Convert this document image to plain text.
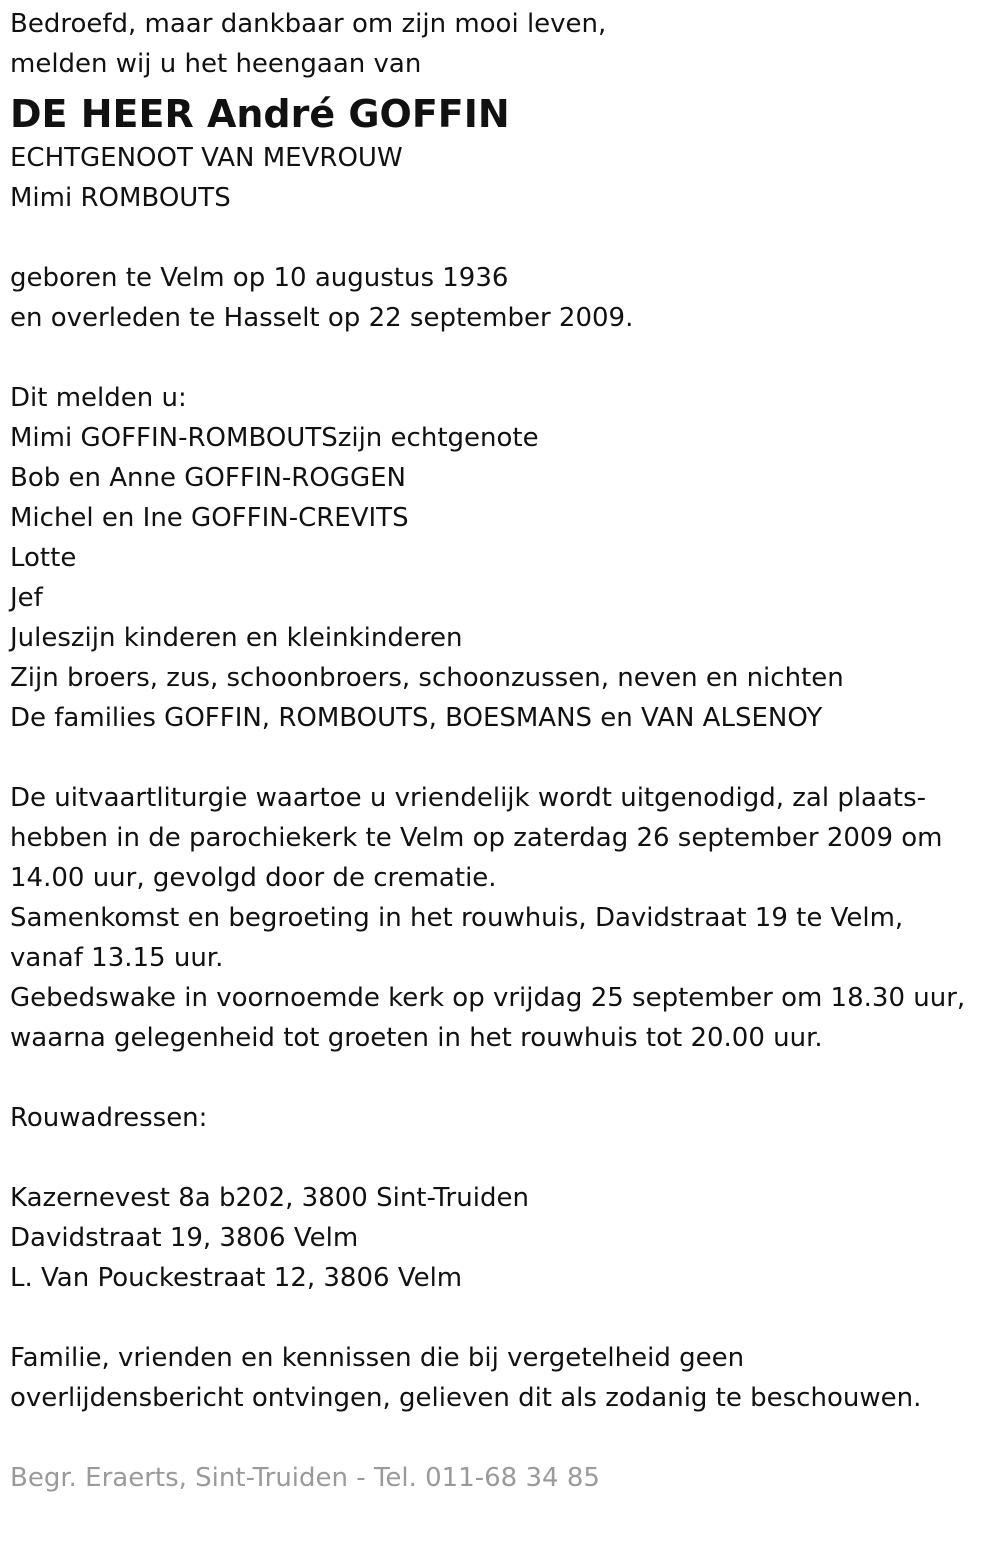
Bedroefd, maar dankbaar om zijn mooi leven,
melden wij u het heengaan van
DE HEER André GOFFIN
ECHTGENOOT VAN MEVROUW
Mimi ROMBOUTS
geboren te Velm op 10 augustus 1936
en overleden te Hasselt op 22 september 2009.
Dit melden u:
Mimi GOFFIN-ROMBOUTSzijn echtgenote
Bob en Anne GOFFIN-ROGGEN
Michel en Ine GOFFIN-CREVITS
Lotte
Jef
Juleszijn kinderen en kleinkinderen
Zijn broers, zus, schoonbroers, schoonzussen, neven en nichten
De families GOFFIN, ROMBOUTS, BOESMANS en VAN ALSENOY
De uitvaartliturgie waartoe u vriendelijk wordt uitgenodigd, zal plaats-
hebben in de parochiekerk te Velm op zaterdag 26 september 2009 om
14.00 uur, gevolgd door de crematie.
Samenkomst en begroeting in het rouwhuis, Davidstraat 19 te Velm,
vanaf 13.15 uur.
Gebedswake in voornoemde kerk op vrijdag 25 september om 18.30 uur,
waarna gelegenheid tot groeten in het rouwhuis tot 20.00 uur.
Rouwadressen:
Kazernevest 8a b202, 3800 Sint-Truiden
Davidstraat 19, 3806 Velm
L. Van Pouckestraat 12, 3806 Velm
Familie, vrienden en kennissen die bij vergetelheid geen
overlijdensbericht ontvingen, gelieven dit als zodanig te beschouwen.
Begr. Eraerts, Sint-Truiden - Tel. 011-68 34 85
